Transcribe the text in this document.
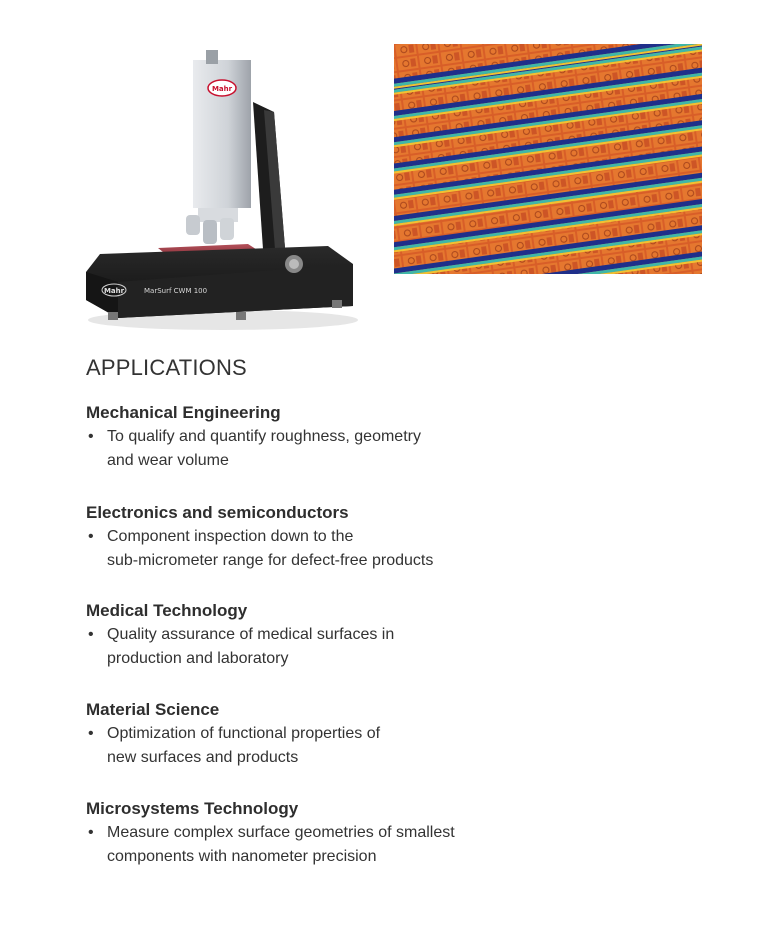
Mahr
Mahr	MarSurf CWM 100
APPLICATIONS
Mechanical Engineering
• To qualify and quantify roughness, geometry
and wear volume
Electronics and semiconductors
• Component inspection down to the
sub-micrometer range for defect-free products
Medical Technology
• Quality assurance of medical surfaces in
production and laboratory
Material Science
• Optimization of functional properties of
new surfaces and products
Microsystems Technology
• Measure complex surface geometries of smallest
components with nanometer precision
